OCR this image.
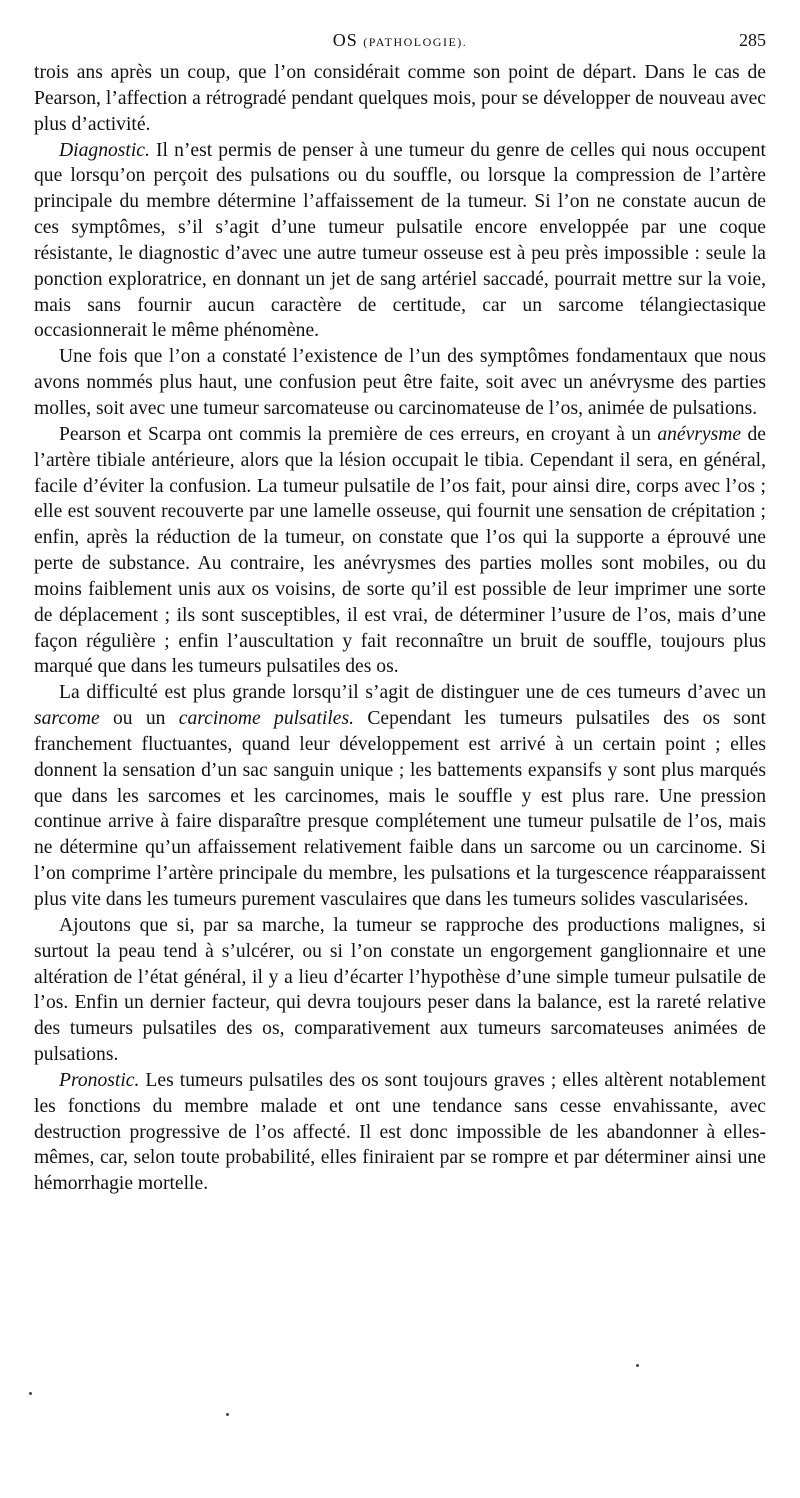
OS (PATHOLOGIE).	285

trois ans après un coup, que l’on considérait comme son point de départ. Dans le cas de Pearson, l’affection a rétrogradé pendant quelques mois, pour se développer de nouveau avec plus d’activité.

Diagnostic. Il n’est permis de penser à une tumeur du genre de celles qui nous occupent que lorsqu’on perçoit des pulsations ou du souffle, ou lorsque la compression de l’artère principale du membre détermine l’affaissement de la tumeur. Si l’on ne constate aucun de ces symptômes, s’il s’agit d’une tumeur pulsatile encore enveloppée par une coque résistante, le diagnostic d’avec une autre tumeur osseuse est à peu près impossible : seule la ponction exploratrice, en donnant un jet de sang artériel saccadé, pourrait mettre sur la voie, mais sans fournir aucun caractère de certitude, car un sarcome télangiectasique occasionnerait le même phénomène.

Une fois que l’on a constaté l’existence de l’un des symptômes fondamentaux que nous avons nommés plus haut, une confusion peut être faite, soit avec un anévrysme des parties molles, soit avec une tumeur sarcomateuse ou carcinomateuse de l’os, animée de pulsations.

Pearson et Scarpa ont commis la première de ces erreurs, en croyant à un anévrysme de l’artère tibiale antérieure, alors que la lésion occupait le tibia. Cependant il sera, en général, facile d’éviter la confusion. La tumeur pulsatile de l’os fait, pour ainsi dire, corps avec l’os ; elle est souvent recouverte par une lamelle osseuse, qui fournit une sensation de crépitation ; enfin, après la réduction de la tumeur, on constate que l’os qui la supporte a éprouvé une perte de substance. Au contraire, les anévrysmes des parties molles sont mobiles, ou du moins faiblement unis aux os voisins, de sorte qu’il est possible de leur imprimer une sorte de déplacement ; ils sont susceptibles, il est vrai, de déterminer l’usure de l’os, mais d’une façon régulière ; enfin l’auscultation y fait reconnaître un bruit de souffle, toujours plus marqué que dans les tumeurs pulsatiles des os.

La difficulté est plus grande lorsqu’il s’agit de distinguer une de ces tumeurs d’avec un sarcome ou un carcinome pulsatiles. Cependant les tumeurs pulsatiles des os sont franchement fluctuantes, quand leur développement est arrivé à un certain point ; elles donnent la sensation d’un sac sanguin unique ; les battements expansifs y sont plus marqués que dans les sarcomes et les carcinomes, mais le souffle y est plus rare. Une pression continue arrive à faire disparaître presque complétement une tumeur pulsatile de l’os, mais ne détermine qu’un affaissement relativement faible dans un sarcome ou un carcinome. Si l’on comprime l’artère principale du membre, les pulsations et la turgescence réapparaissent plus vite dans les tumeurs purement vasculaires que dans les tumeurs solides vascularisées.

Ajoutons que si, par sa marche, la tumeur se rapproche des productions malignes, si surtout la peau tend à s’ulcérer, ou si l’on constate un engorgement ganglionnaire et une altération de l’état général, il y a lieu d’écarter l’hypothèse d’une simple tumeur pulsatile de l’os. Enfin un dernier facteur, qui devra toujours peser dans la balance, est la rareté relative des tumeurs pulsatiles des os, comparativement aux tumeurs sarcomateuses animées de pulsations.

Pronostic. Les tumeurs pulsatiles des os sont toujours graves ; elles altèrent notablement les fonctions du membre malade et ont une tendance sans cesse envahissante, avec destruction progressive de l’os affecté. Il est donc impossible de les abandonner à elles-mêmes, car, selon toute probabilité, elles finiraient par se rompre et par déterminer ainsi une hémorrhagie mortelle.
